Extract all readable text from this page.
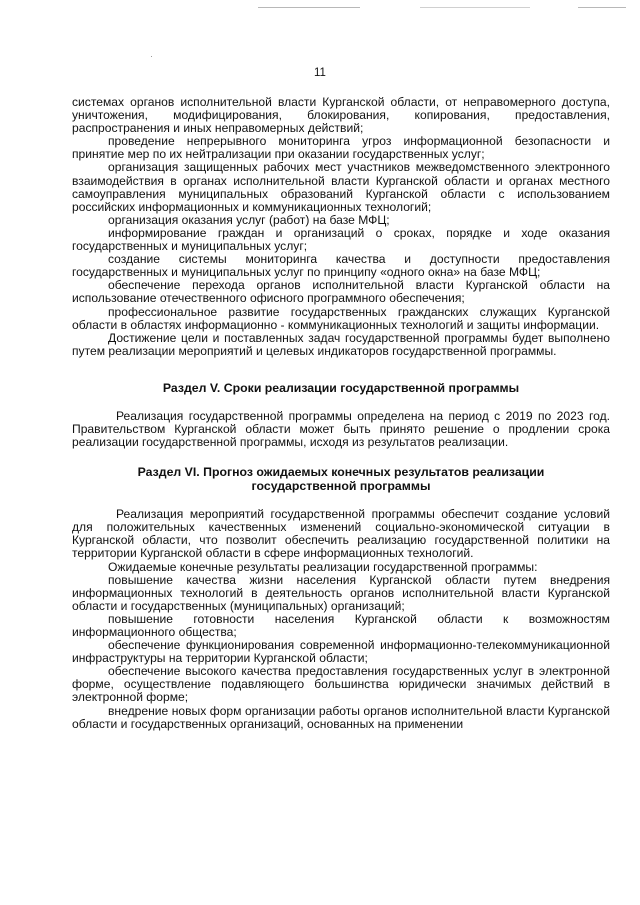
11

системах органов исполнительной власти Курганской области, от неправомерного доступа, уничтожения, модифицирования, блокирования, копирования, предоставления, распространения и иных неправомерных действий;

проведение непрерывного мониторинга угроз информационной безопасности и принятие мер по их нейтрализации при оказании государственных услуг;

организация защищенных рабочих мест участников межведомственного электронного взаимодействия в органах исполнительной власти Курганской области и органах местного самоуправления муниципальных образований Курганской области с использованием российских информационных и коммуникационных технологий;

организация оказания услуг (работ) на базе МФЦ;

информирование граждан и организаций о сроках, порядке и ходе оказания государственных и муниципальных услуг;

создание системы мониторинга качества и доступности предоставления государственных и муниципальных услуг по принципу «одного окна» на базе МФЦ;

обеспечение перехода органов исполнительной власти Курганской области на использование отечественного офисного программного обеспечения;

профессиональное развитие государственных гражданских служащих Курганской области в областях информационно - коммуникационных технологий и защиты информации.

Достижение цели и поставленных задач государственной программы будет выполнено путем реализации мероприятий и целевых индикаторов государственной программы.

Раздел V. Сроки реализации государственной программы

Реализация государственной программы определена на период с 2019 по 2023 год. Правительством Курганской области может быть принято решение о продлении срока реализации государственной программы, исходя из результатов реализации.

Раздел VI. Прогноз ожидаемых конечных результатов реализации государственной программы

Реализация мероприятий государственной программы обеспечит создание условий для положительных качественных изменений социально-экономической ситуации в Курганской области, что позволит обеспечить реализацию государственной политики на территории Курганской области в сфере информационных технологий.

Ожидаемые конечные результаты реализации государственной программы:

повышение качества жизни населения Курганской области путем внедрения информационных технологий в деятельность органов исполнительной власти Курганской области и государственных (муниципальных) организаций;

повышение готовности населения Курганской области к возможностям информационного общества;

обеспечение функционирования современной информационно-телекоммуникационной инфраструктуры на территории Курганской области;

обеспечение высокого качества предоставления государственных услуг в электронной форме, осуществление подавляющего большинства юридически значимых действий в электронной форме;

внедрение новых форм организации работы органов исполнительной власти Курганской области и государственных организаций, основанных на применении
